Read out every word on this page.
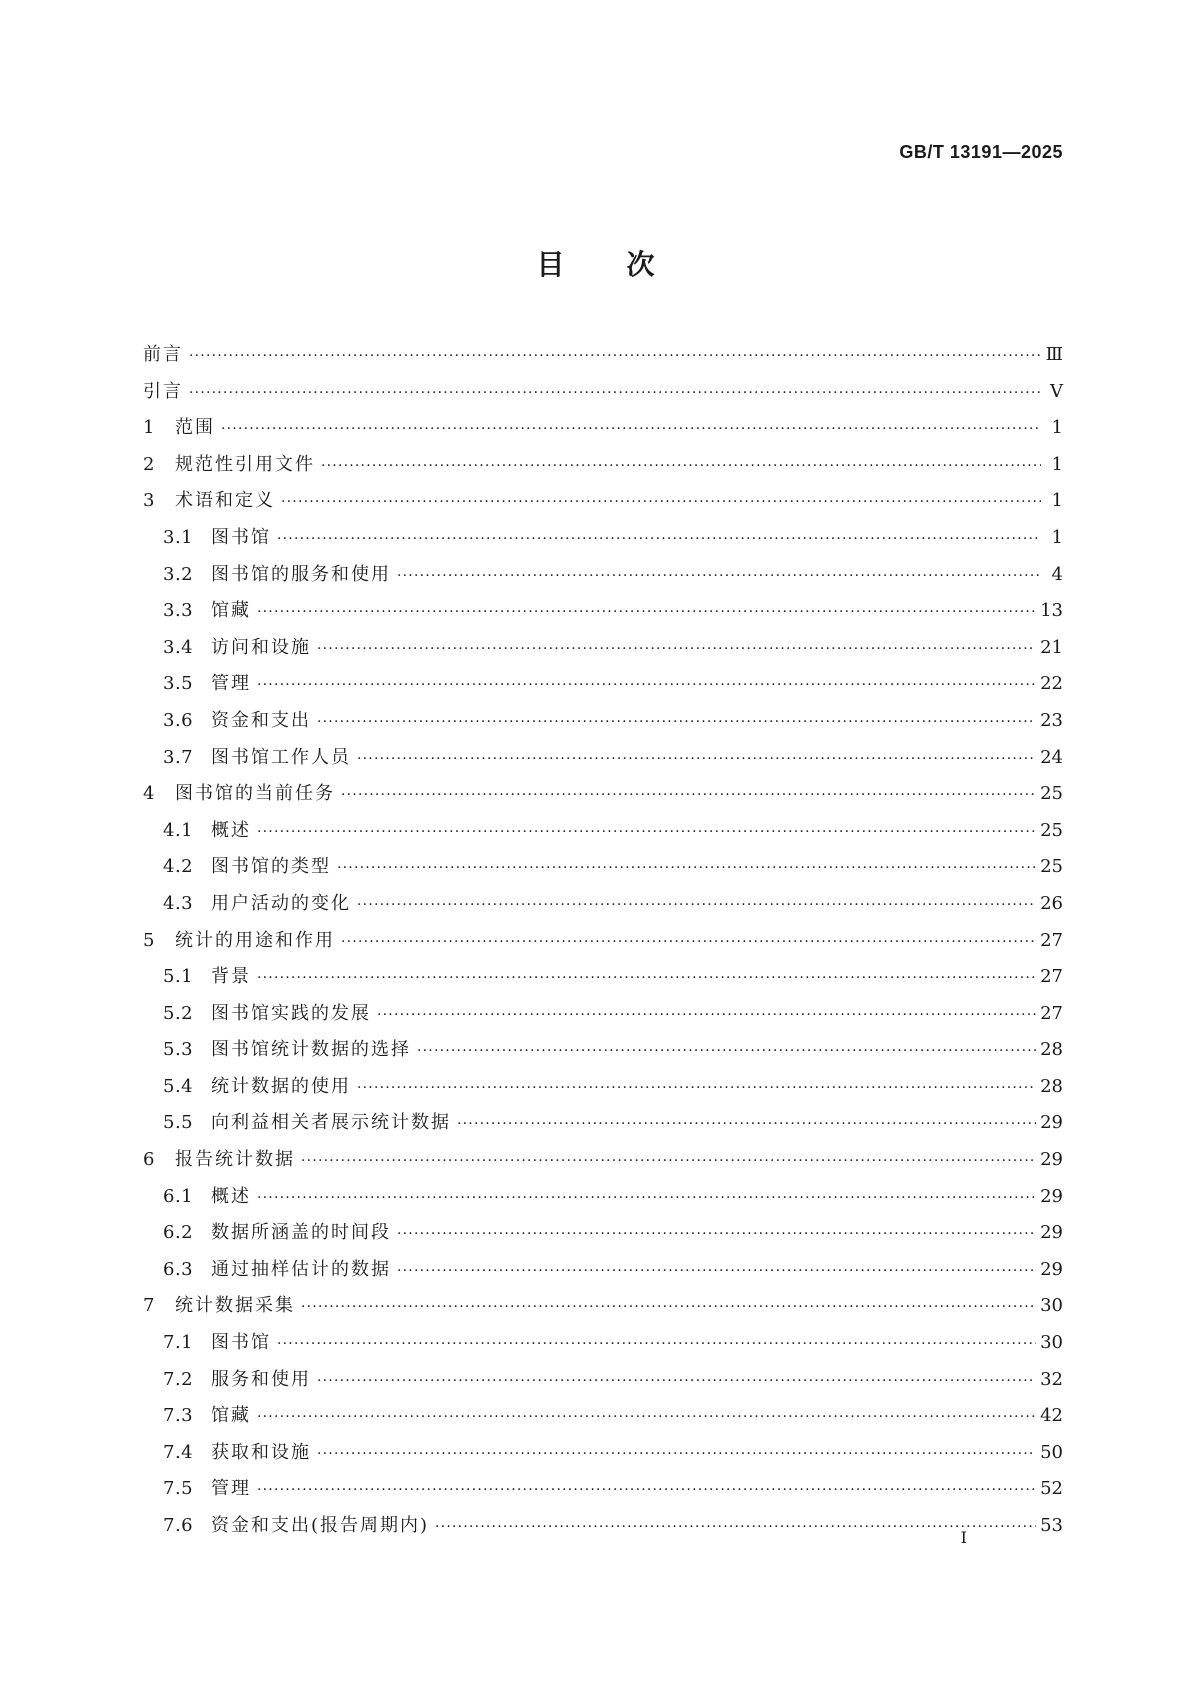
GB/T 13191—2025
目次
前言 ·····	Ⅲ
引言 ·····	Ⅴ
1	范围 ·····	1
2	规范性引用文件 ·····	1
3	术语和定义 ·····	1
3.1 图书馆 ·····	1
3.2 图书馆的服务和使用 ·····	4
3.3 馆藏 ·····	13
3.4 访问和设施 ·····	21
3.5 管理 ·····	22
3.6 资金和支出 ·····	23
3.7 图书馆工作人员 ·····	24
4	图书馆的当前任务 ·····	25
4.1 概述 ·····	25
4.2 图书馆的类型 ·····	25
4.3 用户活动的变化 ·····	26
5	统计的用途和作用 ·····	27
5.1 背景 ·····	27
5.2 图书馆实践的发展 ·····	27
5.3 图书馆统计数据的选择 ·····	28
5.4 统计数据的使用 ·····	28
5.5 向利益相关者展示统计数据 ·····	29
6	报告统计数据 ·····	29
6.1 概述 ·····	29
6.2 数据所涵盖的时间段 ·····	29
6.3 通过抽样估计的数据 ·····	29
7	统计数据采集 ·····	30
7.1 图书馆 ·····	30
7.2 服务和使用 ·····	32
7.3 馆藏 ·····	42
7.4 获取和设施 ·····	50
7.5 管理 ·····	52
7.6 资金和支出(报告周期内) ·····	53
I
